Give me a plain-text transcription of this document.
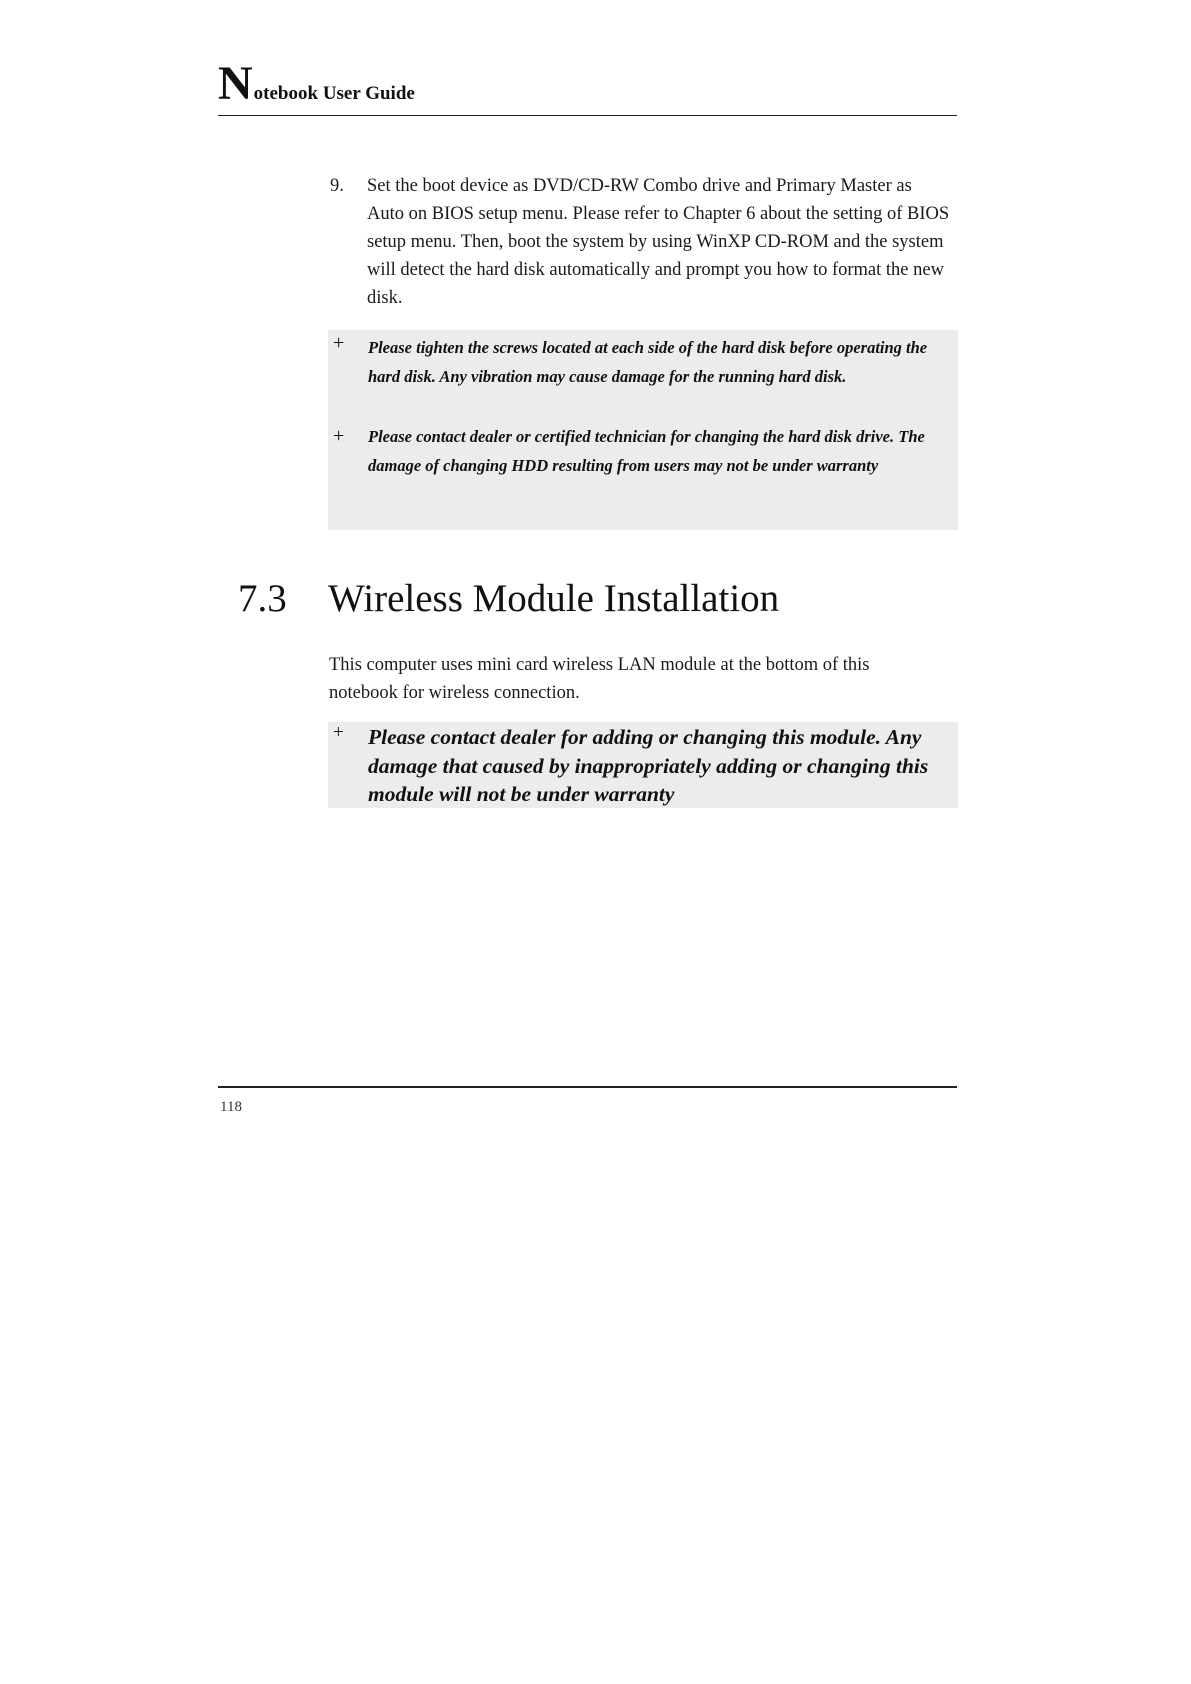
N otebook User Guide
9. Set the boot device as DVD/CD-RW Combo drive and Primary Master as Auto on BIOS setup menu. Please refer to Chapter 6 about the setting of BIOS setup menu. Then, boot the system by using WinXP CD-ROM and the system will detect the hard disk automatically and prompt you how to format the new disk.
+ Please tighten the screws located at each side of the hard disk before operating the hard disk. Any vibration may cause damage for the running hard disk.
+ Please contact dealer or certified technician for changing the hard disk drive. The damage of changing HDD resulting from users may not be under warranty
7.3 Wireless Module Installation
This computer uses mini card wireless LAN module at the bottom of this notebook for wireless connection.
+ Please contact dealer for adding or changing this module. Any damage that caused by inappropriately adding or changing this module will not be under warranty
118
